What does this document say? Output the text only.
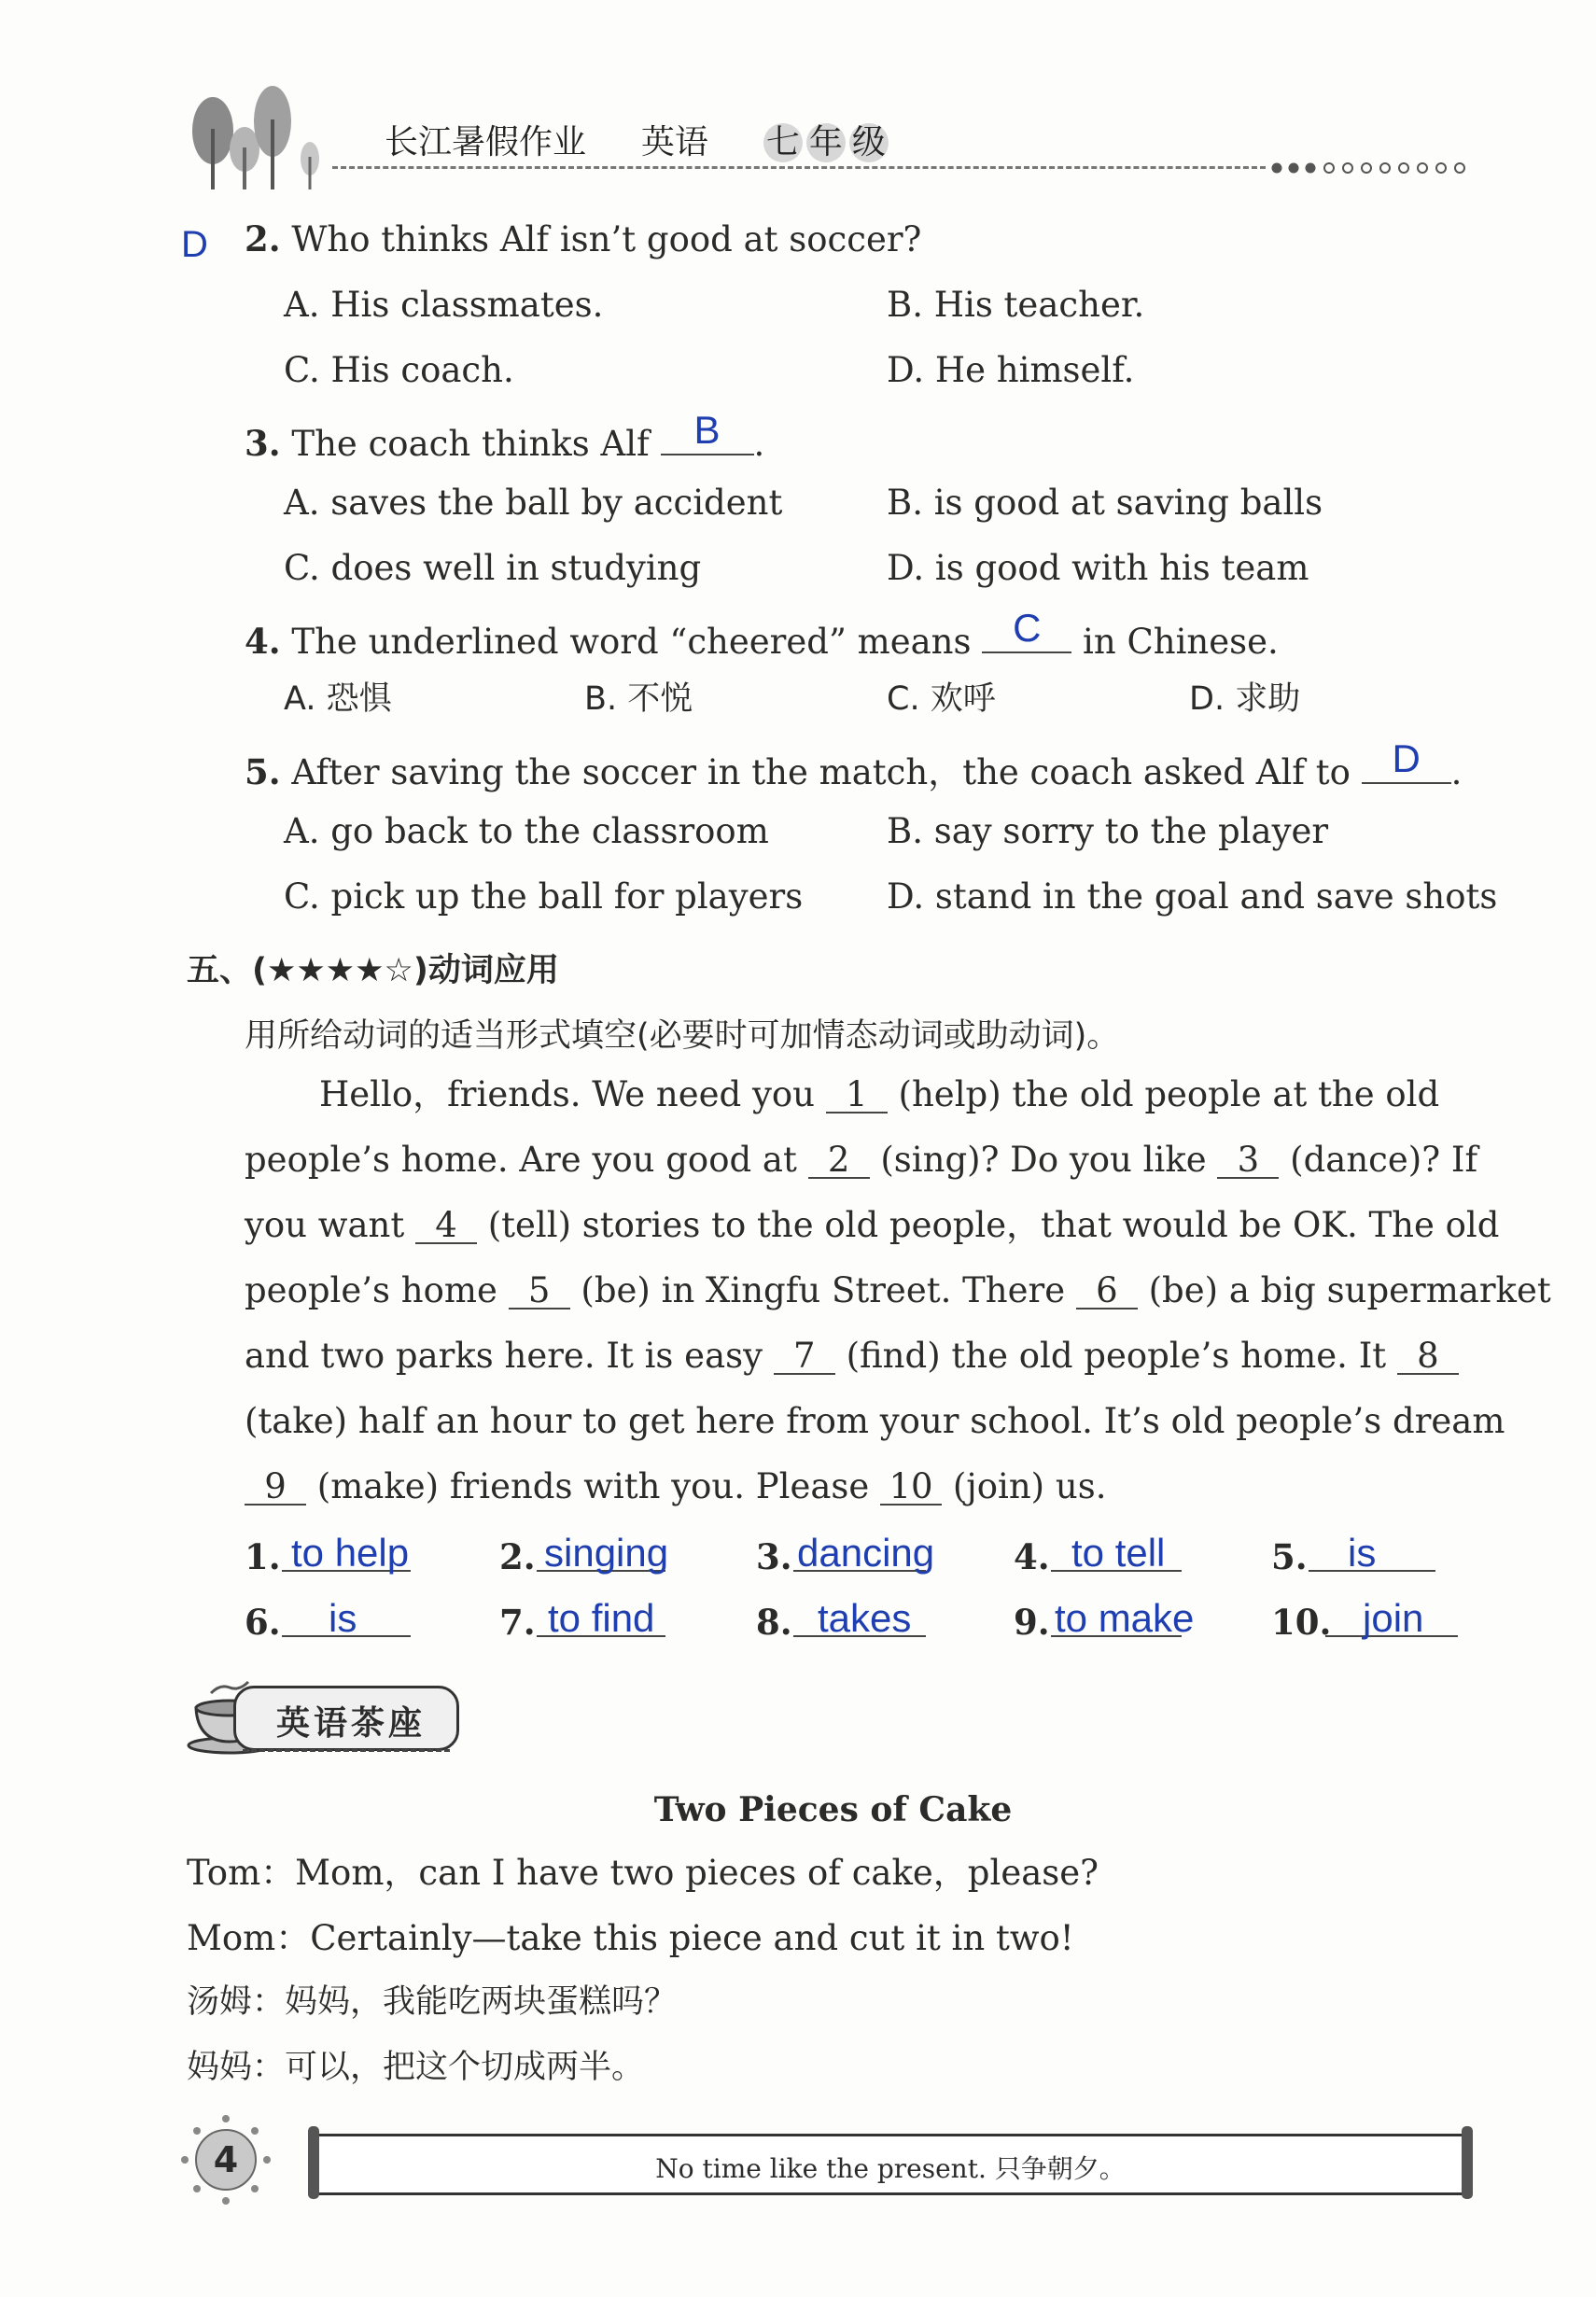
长江暑假作业 英语 七 年 级
D 2. Who thinks Alf isn’t good at soccer?
A. His classmates.	B. His teacher.
C. His coach.	D. He himself.
3. The coach thinks Alf	B .
A. saves the ball by accident	B. is good at saving balls
C. does well in studying	D. is good with his team
4. The underlined word “cheered” means	C	in Chinese.
A. 恐惧	B. 不悦	C. 欢呼	D. 求助
5. After saving the soccer in the match，the coach asked Alf to	D .
A. go back to the classroom	B. say sorry to the player
C. pick up the ball for players D. stand in the goal and save shots
五、(★★★★☆)动词应用
用所给动词的适当形式填空(必要时可加情态动词或助动词)。
Hello，friends. We need you 1 (help) the old people at the old
people’s home. Are you good at 2 (sing)? Do you like 3 (dance)? If
you want 4 (tell) stories to the old people，that would be OK. The old
people’s home 5 (be) in Xingfu Street. There 6 (be) a big supermarket
and two parks here. It is easy 7 (find) the old people’s home. It 8
(take) half an hour to get here from your school. It’s old people’s dream
9 (make) friends with you. Please 10 (join) us.
1. to help	2. singing	3. dancing 4. to tell	5. is
6. is	7. to find	8. takes	9. to make 10. join
英语茶座
Two Pieces of Cake
Tom：Mom，can I have two pieces of cake，please?
Mom：Certainly—take this piece and cut it in two!
汤姆：妈妈，我能吃两块蛋糕吗？
妈妈：可以，把这个切成两半。
4	No time like the present. 只争朝夕。
